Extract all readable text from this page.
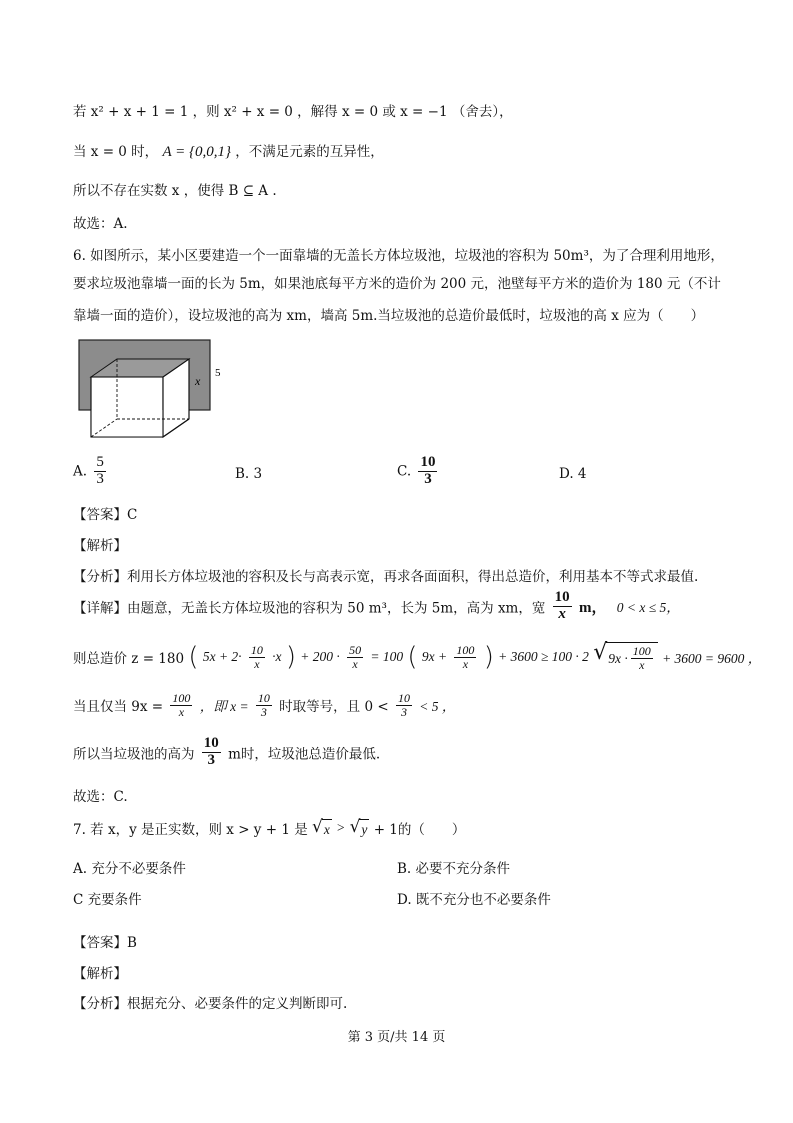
若 x² + x + 1 = 1 ，则 x² + x = 0 ，解得 x = 0 或 x = −1 （舍去），
当 x = 0 时， A = {0,0,1} ，不满足元素的互异性，
所以不存在实数 x ，使得 B ⊆ A .
故选：A.
6. 如图所示，某小区要建造一个一面靠墙的无盖长方体垃圾池，垃圾池的容积为 50m³，为了合理利用地形，
要求垃圾池靠墙一面的长为 5m，如果池底每平方米的造价为 200 元，池壁每平方米的造价为 180 元（不计
靠墙一面的造价），设垃圾池的高为 xm，墙高 5m.当垃圾池的总造价最低时，垃圾池的高 x 应为（　　）
x
5
A. $\frac{5}{3}$	B. 3	C. $\frac{10}{3}$	D. 4
【答案】C
【解析】
【分析】利用长方体垃圾池的容积及长与高表示宽，再求各面面积，得出总造价，利用基本不等式求最值.
【详解】由题意，无盖长方体垃圾池的容积为 50 m³，长为 5m，高为 xm，宽 $\frac{10}{x}$ m， 0 < x ≤ 5，
则总造价 z = 180 ( $5x + 2\cdot \frac{10}{x} \cdot x$ ) + $200 \cdot \frac{50}{x} = 100$ ( $9x + \frac{100}{x}$ ) + 3600 ≥ 100 · 2 √ $9x \cdot \frac{100}{x} + 3600 = 9600$ ，
当且仅当 $9x = \frac{100}{x}$ ，即 $x = \frac{10}{3}$ 时取等号，且 $0 < \frac{10}{3} < 5$ ，
所以当垃圾池的高为 $\frac{10}{3}$ m时，垃圾池总造价最低.
故选：C.
7. 若 x，y 是正实数，则 x > y + 1 是 √ x > √ y + 1的（　　）
A. 充分不必要条件	B. 必要不充分条件
C 充要条件	D. 既不充分也不必要条件
【答案】B
【解析】
【分析】根据充分、必要条件的定义判断即可.
第 3 页/共 14 页
